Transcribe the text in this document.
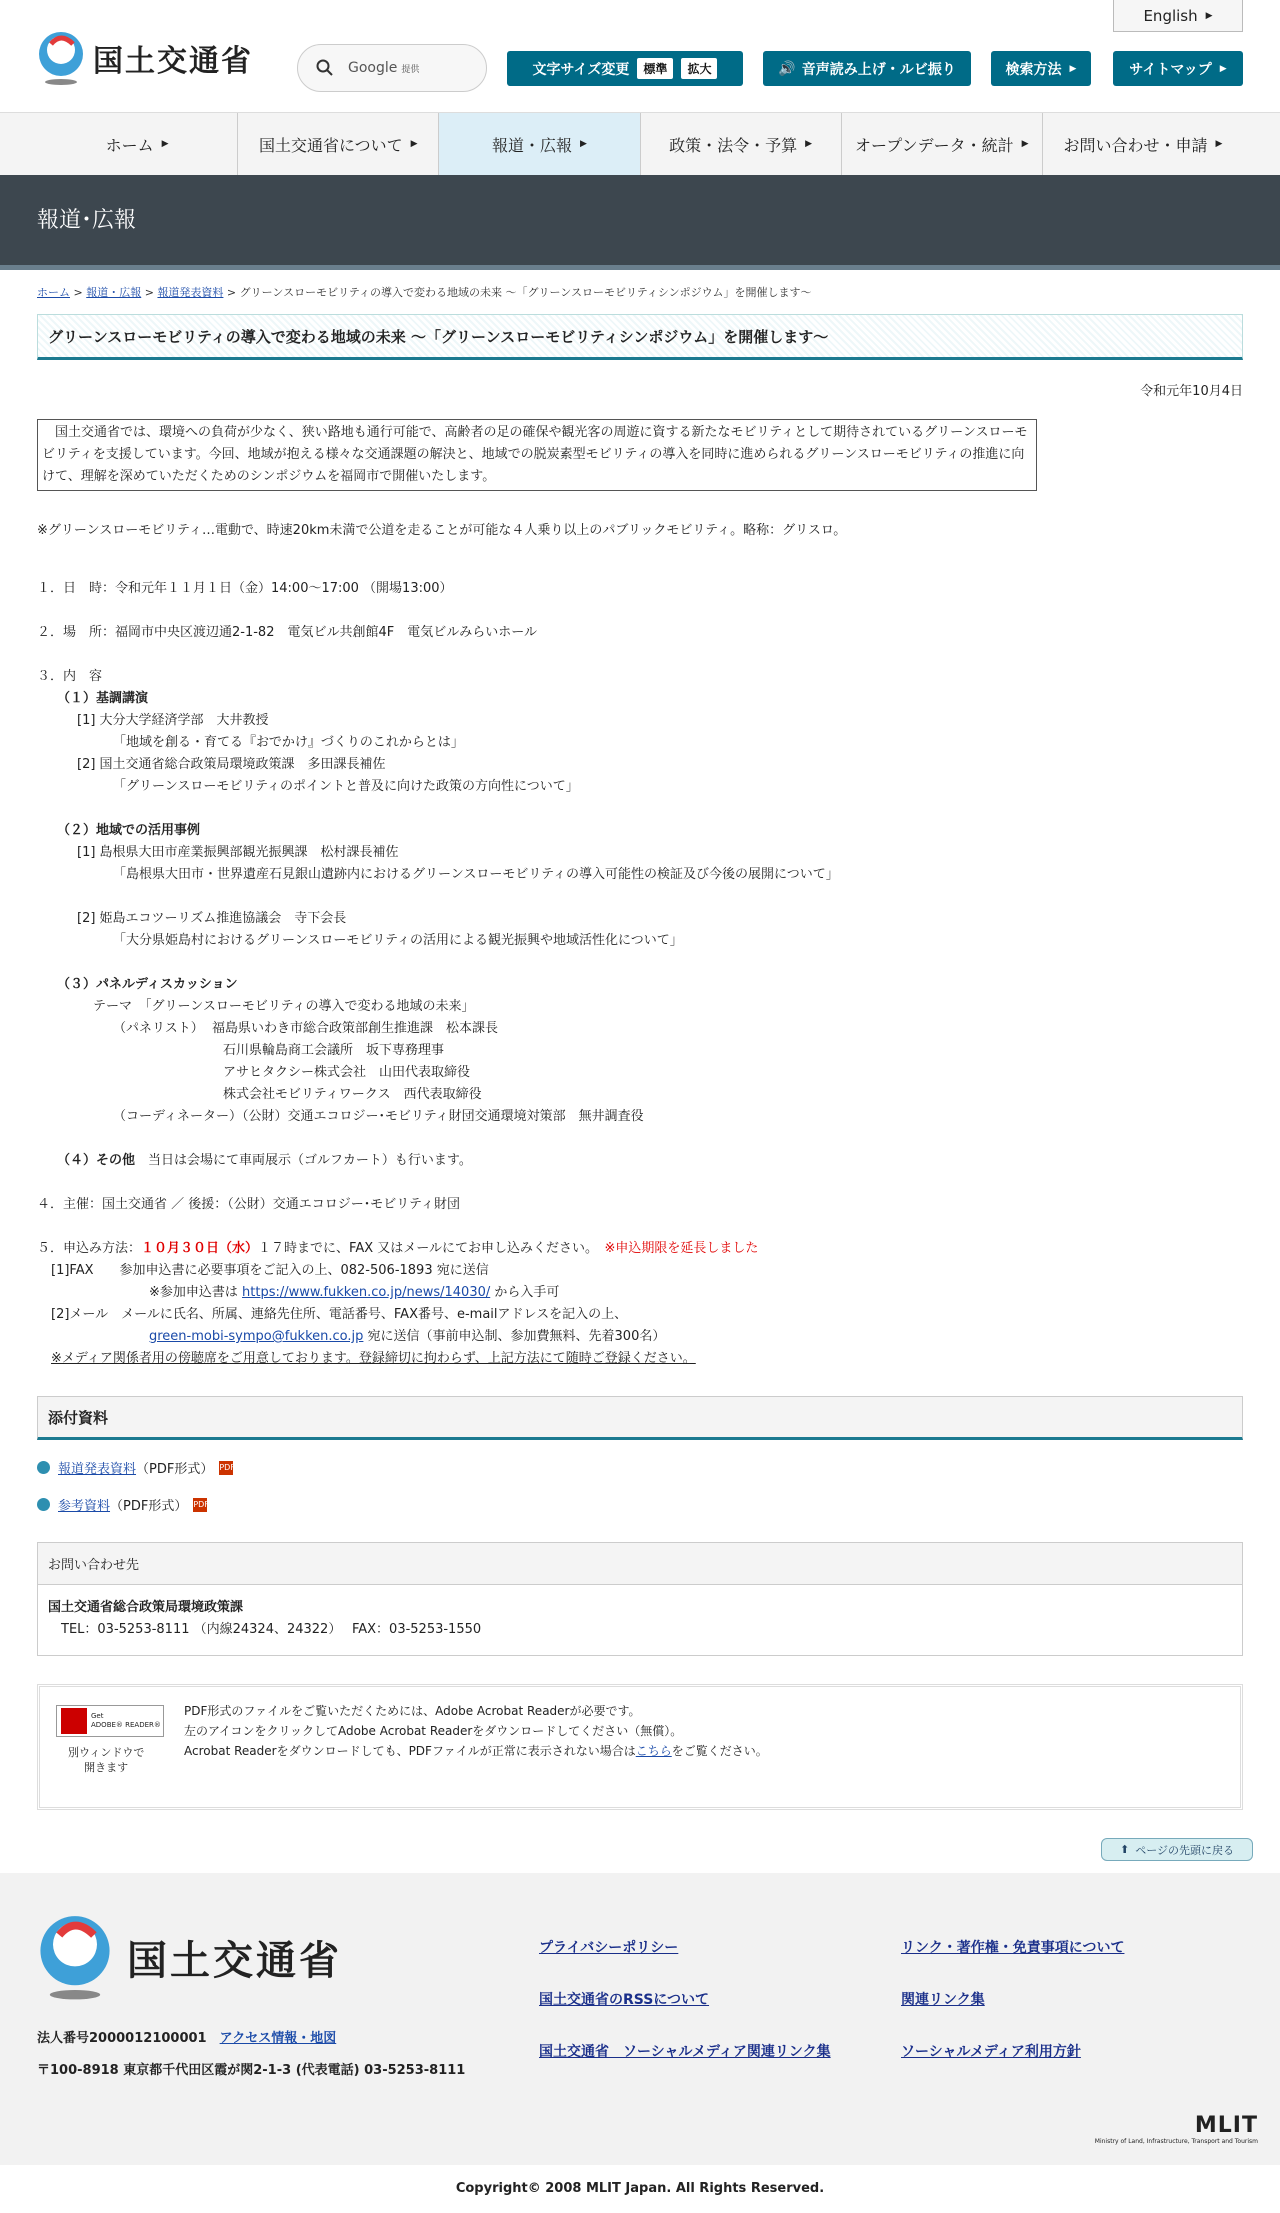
国土交通省
English ▶
Google 提供	文字サイズ変更	標準	拡大	🔊 音声読み上げ・ルビ振り	検索方法 ▶	サイトマップ ▶
ホーム ▶	国土交通省について ▶	報道・広報 ▶	政策・法令・予算 ▶	オープンデータ・統計 ▶ お問い合わせ・申請 ▶
報道･広報
ホーム > 報道・広報 > 報道発表資料 > グリーンスローモビリティの導入で変わる地域の未来 ～「グリーンスローモビリティシンポジウム」を開催します～
グリーンスローモビリティの導入で変わる地域の未来 ～「グリーンスローモビリティシンポジウム」を開催します～
令和元年10月4日
　国土交通省では、環境への負荷が少なく、狭い路地も通行可能で、高齢者の足の確保や観光客の周遊に資する新たなモビリティとして期待されているグリーンスローモビリティを支援しています。今回、地域が抱える様々な交通課題の解決と、地域での脱炭素型モビリティの導入を同時に進められるグリーンスローモビリティの推進に向けて、理解を深めていただくためのシンポジウムを福岡市で開催いたします。
※グリーンスローモビリティ…電動で、時速20km未満で公道を走ることが可能な４人乗り以上のパブリックモビリティ。略称：グリスロ。

１．日　時：令和元年１１月１日（金）14:00～17:00 （開場13:00）

２．場　所：福岡市中央区渡辺通2-1-82　電気ビル共創館4F　電気ビルみらいホール

３．内　容

（１）基調講演

[1] 大分大学経済学部　大井教授

「地域を創る・育てる『おでかけ』づくりのこれからとは」

[2] 国土交通省総合政策局環境政策課　多田課長補佐

「グリーンスローモビリティのポイントと普及に向けた政策の方向性について」

（２）地域での活用事例

[1] 島根県大田市産業振興部観光振興課　松村課長補佐

「島根県大田市・世界遺産石見銀山遺跡内におけるグリーンスローモビリティの導入可能性の検証及び今後の展開について」

[2] 姫島エコツーリズム推進協議会　寺下会長

「大分県姫島村におけるグリーンスローモビリティの活用による観光振興や地域活性化について」

（３）パネルディスカッション

テーマ　「グリーンスローモビリティの導入で変わる地域の未来」

（パネリスト）  福島県いわき市総合政策部創生推進課　松本課長

石川県輪島商工会議所　坂下専務理事

アサヒタクシー株式会社　山田代表取締役

株式会社モビリティワークス　西代表取締役

（コーディネーター）（公財）交通エコロジー･モビリティ財団交通環境対策部　無井調査役

（４）その他　 当日は会場にて車両展示（ゴルフカート）も行います。

４．主催：国土交通省 ／ 後援：（公財）交通エコロジー･モビリティ財団

５．申込み方法：１０月３０日（水）１７時までに、FAX 又はメールにてお申し込みください。　※申込期限を延長しました

[1]FAX　　参加申込書に必要事項をご記入の上、082-506-1893 宛に送信

※参加申込書は https://www.fukken.co.jp/news/14030/ から入手可

[2]メール　メールに氏名、所属、連絡先住所、電話番号、FAX番号、e-mailアドレスを記入の上、

green-mobi-sympo@fukken.co.jp 宛に送信（事前申込制、参加費無料、先着300名）

※メディア関係者用の傍聴席をご用意しております。登録締切に拘わらず、上記方法にて随時ご登録ください。

添付資料
報道発表資料 （PDF形式） PDF
参考資料 （PDF形式） PDF
お問い合わせ先
国土交通省総合政策局環境政策課
　TEL：03-5253-8111 （内線24324、24322）　 FAX：03-5253-1550
Get
ADOBE® READER®
別ウィンドウで
開きます
PDF形式のファイルをご覧いただくためには、Adobe Acrobat Readerが必要です。
左のアイコンをクリックしてAdobe Acrobat Readerをダウンロードしてください（無償）。
Acrobat Readerをダウンロードしても、PDFファイルが正常に表示されない場合はこちらをご覧ください。
⬆ ページの先頭に戻る
国土交通省	プライバシーポリシー	リンク・著作権・免責事項について
国土交通省のRSSについて	関連リンク集
国土交通省　ソーシャルメディア関連リンク集	ソーシャルメディア利用方針
法人番号2000012100001　 アクセス情報・地図
〒100-8918 東京都千代田区霞が関2-1-3 (代表電話) 03-5253-8111
MLIT
Ministry of Land, Infrastructure, Transport and Tourism
Copyright© 2008 MLIT Japan. All Rights Reserved.
